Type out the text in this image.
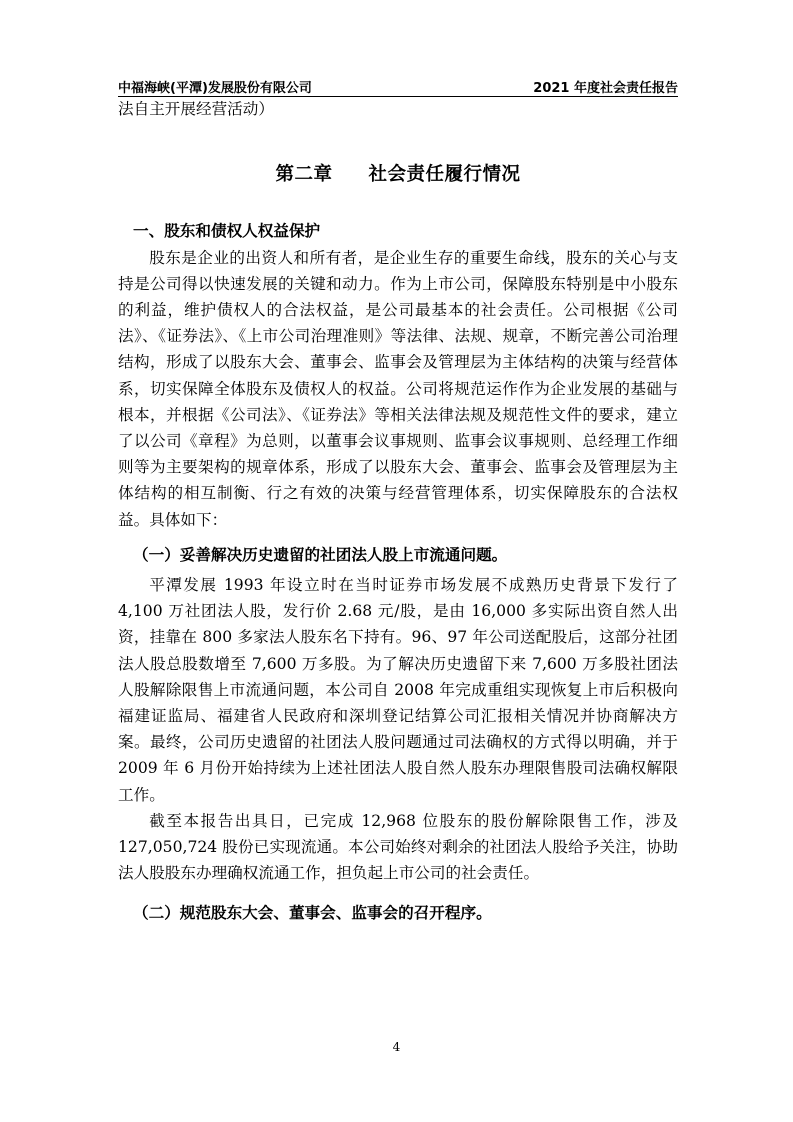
中福海峡(平潭)发展股份有限公司	2021 年度社会责任报告

法自主开展经营活动）

第二章 社会责任履行情况
一、股东和债权人权益保护

股东是企业的出资人和所有者，是企业生存的重要生命线，股东的关心与支持是公司得以快速发展的关键和动力。作为上市公司，保障股东特别是中小股东的利益，维护债权人的合法权益，是公司最基本的社会责任。公司根据《公司法》、《证券法》、《上市公司治理准则》等法律、法规、规章，不断完善公司治理结构，形成了以股东大会、董事会、监事会及管理层为主体结构的决策与经营体系，切实保障全体股东及债权人的权益。公司将规范运作作为企业发展的基础与根本，并根据《公司法》、《证券法》等相关法律法规及规范性文件的要求，建立了以公司《章程》为总则，以董事会议事规则、监事会议事规则、总经理工作细则等为主要架构的规章体系，形成了以股东大会、董事会、监事会及管理层为主体结构的相互制衡、行之有效的决策与经营管理体系，切实保障股东的合法权益。具体如下：

（一）妥善解决历史遗留的社团法人股上市流通问题。

平潭发展 1993 年设立时在当时证券市场发展不成熟历史背景下发行了 4,100 万社团法人股，发行价 2.68 元/股，是由 16,000 多实际出资自然人出资，挂靠在 800 多家法人股东名下持有。96、97 年公司送配股后，这部分社团法人股总股数增至 7,600 万多股。为了解决历史遗留下来 7,600 万多股社团法人股解除限售上市流通问题，本公司自 2008 年完成重组实现恢复上市后积极向福建证监局、福建省人民政府和深圳登记结算公司汇报相关情况并协商解决方案。最终，公司历史遗留的社团法人股问题通过司法确权的方式得以明确，并于 2009 年 6 月份开始持续为上述社团法人股自然人股东办理限售股司法确权解限工作。

截至本报告出具日，已完成 12,968 位股东的股份解除限售工作，涉及 127,050,724 股份已实现流通。本公司始终对剩余的社团法人股给予关注，协助法人股股东办理确权流通工作，担负起上市公司的社会责任。

（二）规范股东大会、董事会、监事会的召开程序。
4
